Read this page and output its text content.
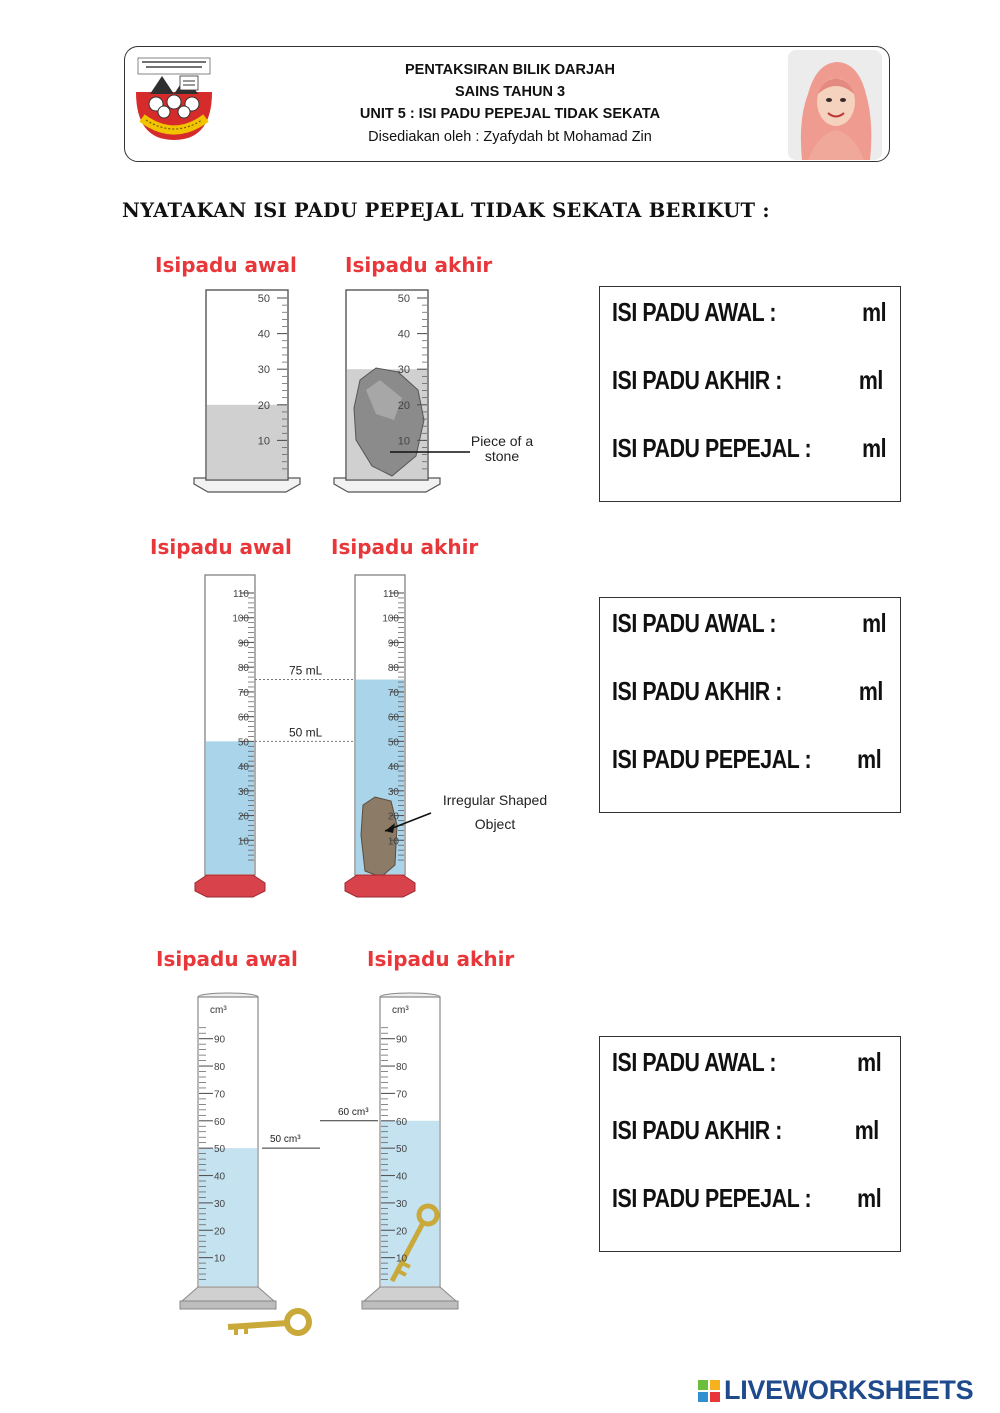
PENTAKSIRAN BILIK DARJAH
SAINS TAHUN 3
UNIT 5 : ISI PADU PEPEJAL TIDAK SEKATA
Disediakan oleh : Zyafydah bt Mohamad Zin
NYATAKAN ISI PADU PEPEJAL TIDAK SEKATA BERIKUT :
Isipadu awal Isipadu akhir
50
40
30
20
10
50
40
30
20
10	Piece of a
stone
ISI PADU AWAL :	ml
ISI PADU AKHIR :	ml
ISI PADU PEPEJAL : ml
Isipadu awal Isipadu akhir
110
100
90
80
70
60
50
40
30
20
10
110
100
90
80
70
60
50
40
30
20
10
75 mL
50 mL
Irregular Shaped
Object
ISI PADU AWAL :	ml
ISI PADU AKHIR :	ml
ISI PADU PEPEJAL : ml
Isipadu awal	Isipadu akhir
90
80
70
60
50
40
30
20
10
cm³
90
80
70
60
50
40
30
20
10
cm³
50 cm³
60 cm³
ISI PADU AWAL :	ml
ISI PADU AKHIR :	ml
ISI PADU PEPEJAL : ml
LIVEWORKSHEETS
